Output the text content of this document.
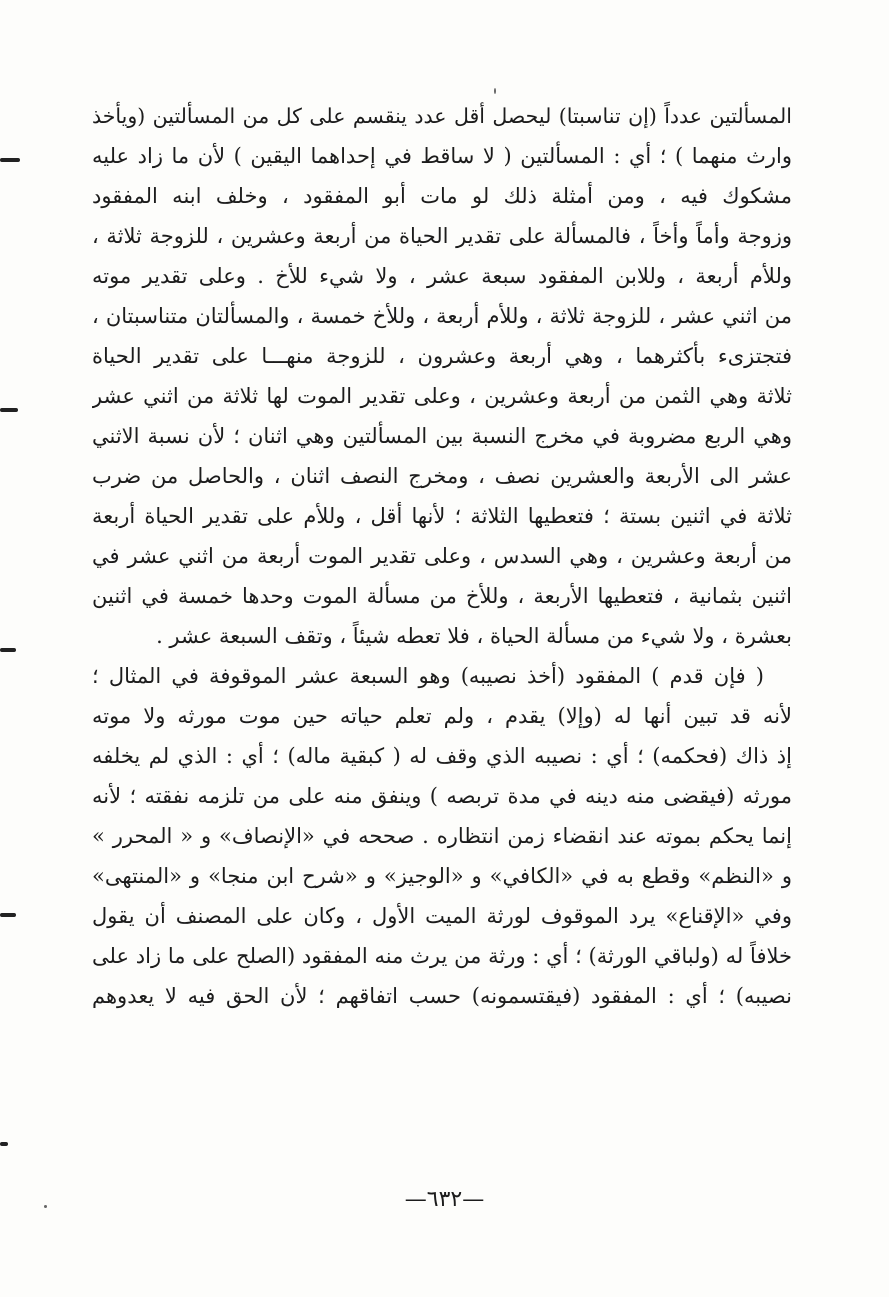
المسألتين عدداً (إن تناسبتا) ليحصل أقل عدد ينقسم على كل من المسألتين (ويأخذ
وارث منهما ) ؛ أي : المسألتين ( لا ساقط في إحداهما اليقين ) لأن ما زاد عليه
مشكوك فيه ، ومن أمثلة ذلك لو مات أبو المفقود ، وخلف ابنه المفقود
وزوجة وأماً وأخاً ، فالمسألة على تقدير الحياة من أربعة وعشرين ، للزوجة ثلاثة ،
وللأم أربعة ، وللابن المفقود سبعة عشر ، ولا شيء للأخ . وعلى تقدير موته
من اثني عشر ، للزوجة ثلاثة ، وللأم أربعة ، وللأخ خمسة ، والمسألتان متناسبتان ،
فتجتزىء بأكثرهما ، وهي أربعة وعشرون ، للزوجة منهـــا على تقدير الحياة
ثلاثة وهي الثمن من أربعة وعشرين ، وعلى تقدير الموت لها ثلاثة من اثني عشر
وهي الربع مضروبة في مخرج النسبة بين المسألتين وهي اثنان ؛ لأن نسبة الاثني
عشر الى الأربعة والعشرين نصف ، ومخرج النصف اثنان ، والحاصل من ضرب
ثلاثة في اثنين بستة ؛ فتعطيها الثلاثة ؛ لأنها أقل ، وللأم على تقدير الحياة أربعة
من أربعة وعشرين ، وهي السدس ، وعلى تقدير الموت أربعة من اثني عشر في
اثنين بثمانية ، فتعطيها الأربعة ، وللأخ من مسألة الموت وحدها خمسة في اثنين
بعشرة ، ولا شيء من مسألة الحياة ، فلا تعطه شيئاً ، وتقف السبعة عشر .
( فإن قدم ) المفقود (أخذ نصيبه) وهو السبعة عشر الموقوفة في المثال ؛
لأنه قد تبين أنها له (وإلا) يقدم ، ولم تعلم حياته حين موت مورثه ولا موته
إذ ذاك (فحكمه) ؛ أي : نصيبه الذي وقف له ( كبقية ماله) ؛ أي : الذي لم يخلفه
مورثه (فيقضى منه دينه في مدة تربصه ) وينفق منه على من تلزمه نفقته ؛ لأنه
إنما يحكم بموته عند انقضاء زمن انتظاره . صححه في «الإنصاف» و « المحرر »
و «النظم» وقطع به في «الكافي» و «الوجيز» و «شرح ابن منجا» و «المنتهى»
وفي «الإقناع» يرد الموقوف لورثة الميت الأول ، وكان على المصنف أن يقول
خلافاً له (ولباقي الورثة) ؛ أي : ورثة من يرث منه المفقود (الصلح على ما زاد على
نصيبه) ؛ أي : المفقود (فيقتسمونه) حسب اتفاقهم ؛ لأن الحق فيه لا يعدوهم
—٦٣٢—
